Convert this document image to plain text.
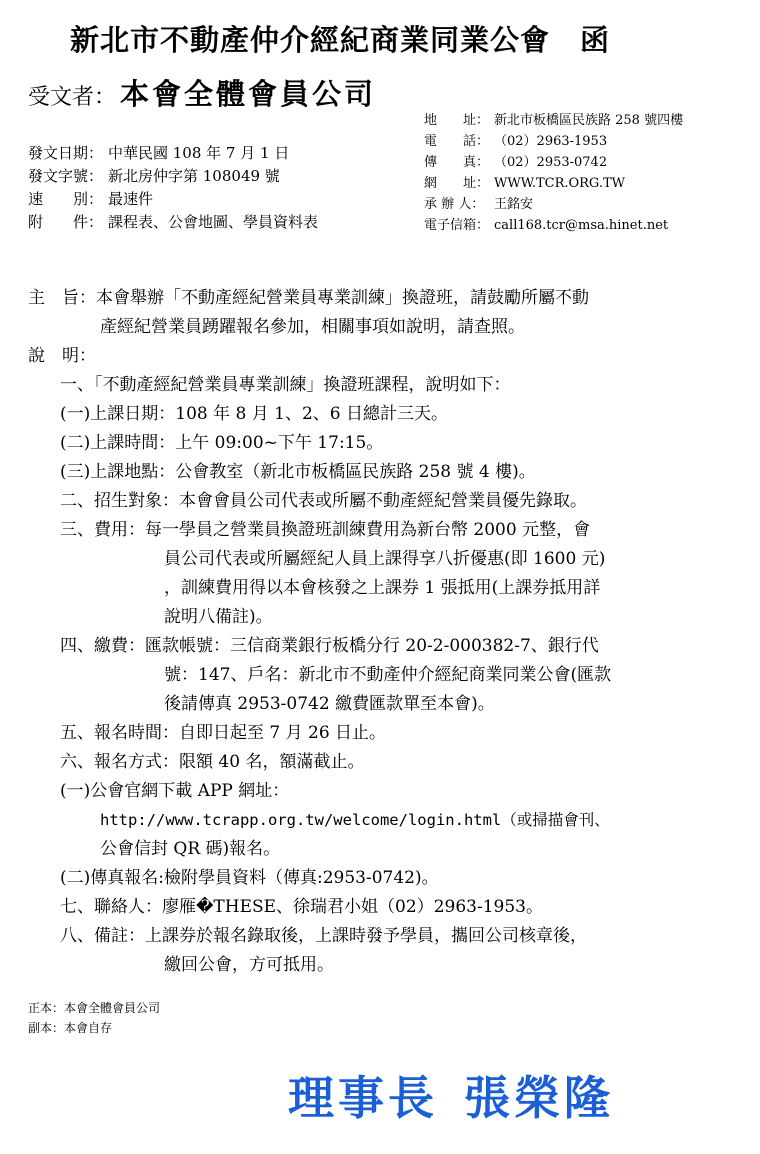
新北市不動產仲介經紀商業同業公會　函
受文者： 本會全體會員公司
地　　址： 新北市板橋區民族路 258 號四樓
電　　話： （02）2963-1953
傳　　真： （02）2953-0742
網　　址： WWW.TCR.ORG.TW
承 辦 人： 王銘安
電子信箱： call168.tcr@msa.hinet.net
發文日期： 中華民國 108 年 7 月 1 日
發文字號： 新北房仲字第 108049 號
速　　別： 最速件
附　　件： 課程表、公會地圖、學員資料表
主　旨：本會舉辦「不動產經紀營業員專業訓練」換證班，請鼓勵所屬不動
產經紀營業員踴躍報名參加，相關事項如說明，請查照。
說　明：
一、「不動產經紀營業員專業訓練」換證班課程，說明如下：
(一)上課日期：108 年 8 月 1、2、6 日總計三天。
(二)上課時間：上午 09:00~下午 17:15。
(三)上課地點：公會教室（新北市板橋區民族路 258 號 4 樓)。
二、招生對象：本會會員公司代表或所屬不動產經紀營業員優先錄取。
三、費用：每一學員之營業員換證班訓練費用為新台幣 2000 元整，會
員公司代表或所屬經紀人員上課得享八折優惠(即 1600 元)
，訓練費用得以本會核發之上課券 1 張抵用(上課券抵用詳
說明八備註)。
四、繳費：匯款帳號：三信商業銀行板橋分行 20-2-000382-7、銀行代
號：147、戶名：新北市不動產仲介經紀商業同業公會(匯款
後請傳真 2953-0742 繳費匯款單至本會)。
五、報名時間：自即日起至 7 月 26 日止。
六、報名方式：限額 40 名，額滿截止。
(一)公會官網下載 APP 網址：
http://www.tcrapp.org.tw/welcome/login.html（或掃描會刊、
公會信封 QR 碼)報名。
(二)傳真報名:檢附學員資料（傳真:2953-0742)。
七、聯絡人：廖雁�THESE、徐瑞君小姐（02）2963-1953。
八、備註：上課券於報名錄取後，上課時發予學員，攜回公司核章後，
繳回公會，方可抵用。
正本：本會全體會員公司
副本：本會自存
理事長 張榮隆
